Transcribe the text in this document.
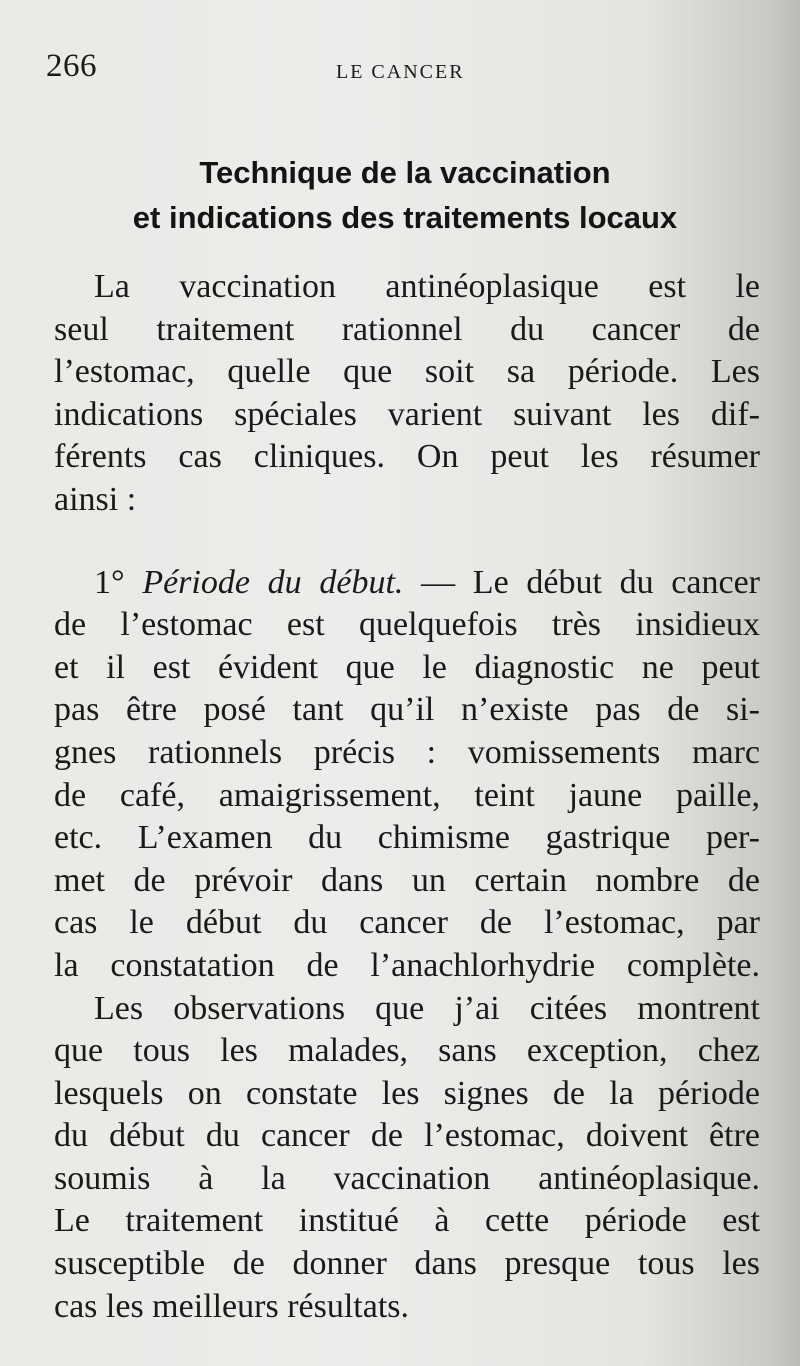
266	LE CANCER
Technique de la vaccination
et indications des traitements locaux
La vaccination antinéoplasique est le
seul traitement rationnel du cancer de
l’estomac, quelle que soit sa période. Les
indications spéciales varient suivant les dif-
férents cas cliniques. On peut les résumer
ainsi :
1° Période du début. — Le début du cancer
de l’estomac est quelquefois très insidieux
et il est évident que le diagnostic ne peut
pas être posé tant qu’il n’existe pas de si-
gnes rationnels précis : vomissements marc
de café, amaigrissement, teint jaune paille,
etc. L’examen du chimisme gastrique per-
met de prévoir dans un certain nombre de
cas le début du cancer de l’estomac, par
la constatation de l’anachlorhydrie complète.
Les observations que j’ai citées montrent
que tous les malades, sans exception, chez
lesquels on constate les signes de la période
du début du cancer de l’estomac, doivent être
soumis à la vaccination antinéoplasique.
Le traitement institué à cette période est
susceptible de donner dans presque tous les
cas les meilleurs résultats.
